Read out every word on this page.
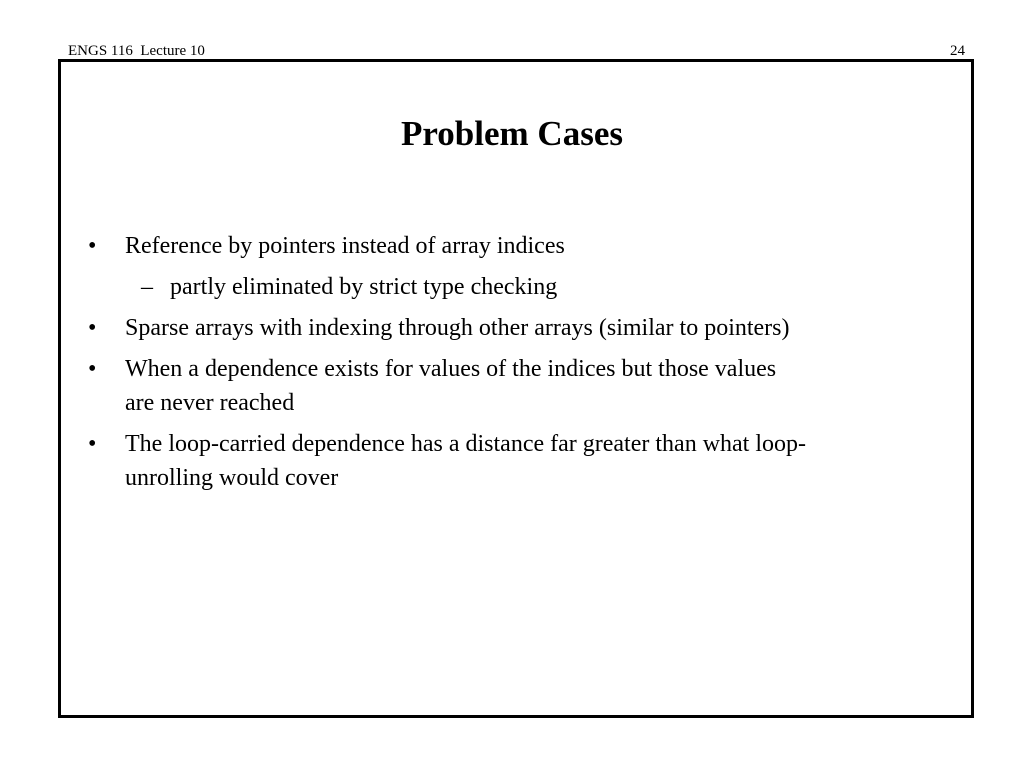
ENGS 116  Lecture 10	24
Problem Cases
• Reference by pointers instead of array indices
– partly eliminated by strict type checking
• Sparse arrays with indexing through other arrays (similar to pointers)
• When a dependence exists for values of the indices but those values
are never reached
• The loop-carried dependence has a distance far greater than what loop-
unrolling would cover
